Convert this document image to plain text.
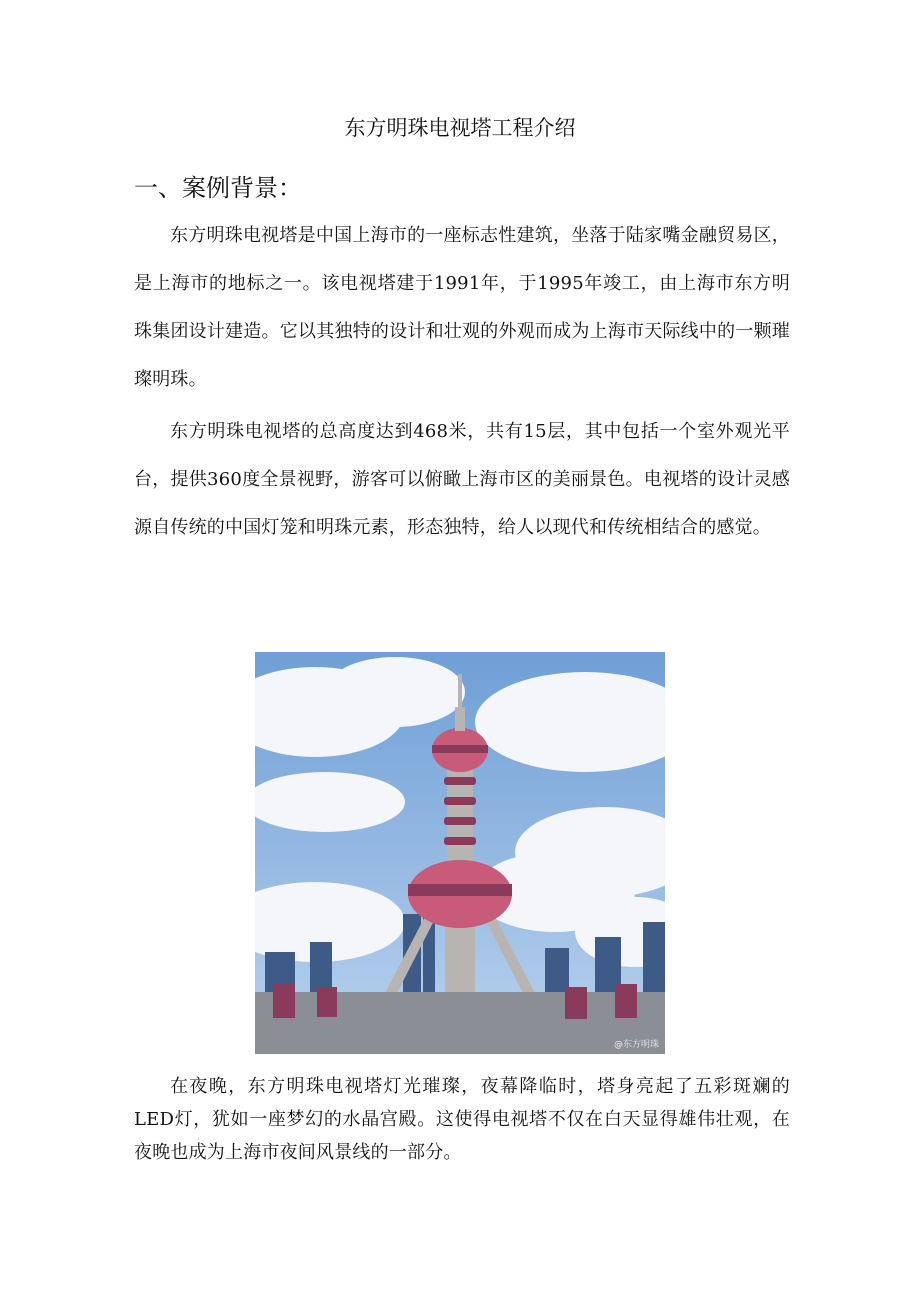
东方明珠电视塔工程介绍
一、案例背景：

东方明珠电视塔是中国上海市的一座标志性建筑，坐落于陆家嘴金融贸易区，是上海市的地标之一。该电视塔建于1991年，于1995年竣工，由上海市东方明珠集团设计建造。它以其独特的设计和壮观的外观而成为上海市天际线中的一颗璀璨明珠。

东方明珠电视塔的总高度达到468米，共有15层，其中包括一个室外观光平台，提供360度全景视野，游客可以俯瞰上海市区的美丽景色。电视塔的设计灵感源自传统的中国灯笼和明珠元素，形态独特，给人以现代和传统相结合的感觉。

@东方明珠

在夜晚，东方明珠电视塔灯光璀璨，夜幕降临时，塔身亮起了五彩斑斓的LED灯，犹如一座梦幻的水晶宫殿。这使得电视塔不仅在白天显得雄伟壮观，在夜晚也成为上海市夜间风景线的一部分。
